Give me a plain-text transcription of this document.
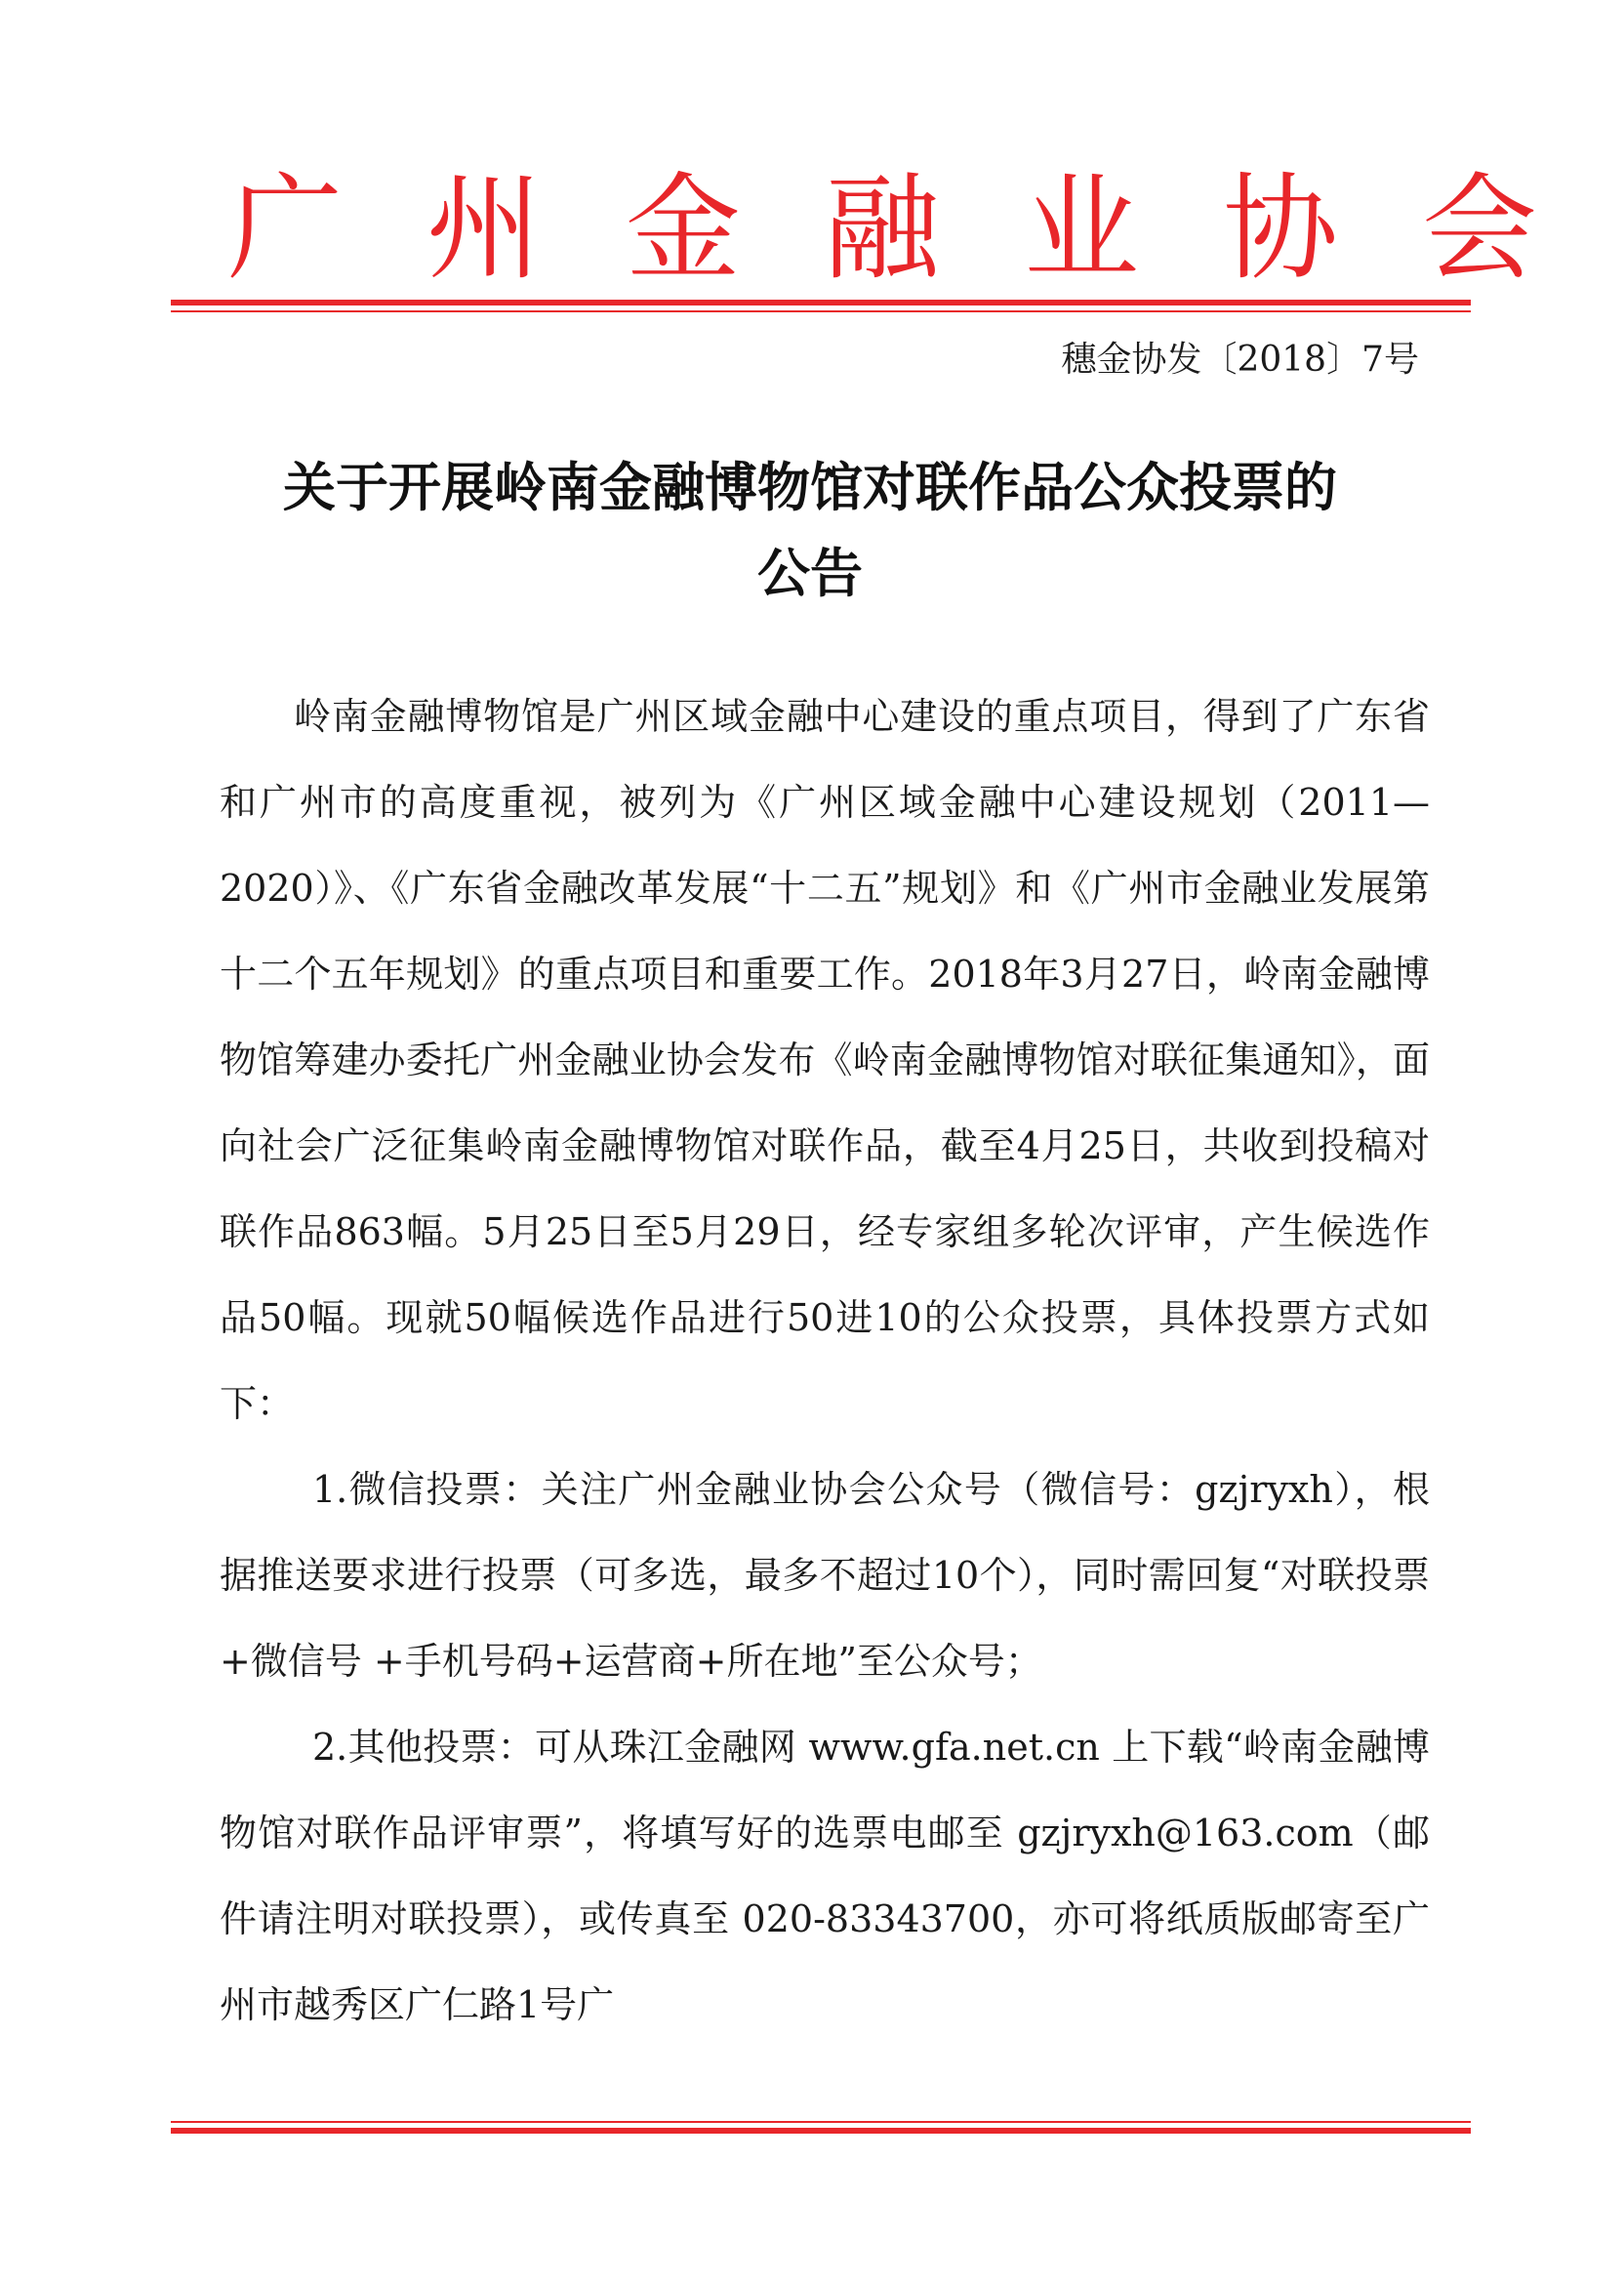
广州金融业协会
穗金协发〔2018〕7号
关于开展岭南金融博物馆对联作品公众投票的
公告

岭南金融博物馆是广州区域金融中心建设的重点项目，得到了广东省和广州市的高度重视，被列为《广州区域金融中心建设规划（2011—2020）》、《广东省金融改革发展“十二五”规划》和《广州市金融业发展第十二个五年规划》的重点项目和重要工作。2018年3月27日，岭南金融博物馆筹建办委托广州金融业协会发布《岭南金融博物馆对联征集通知》，面向社会广泛征集岭南金融博物馆对联作品，截至4月25日，共收到投稿对联作品863幅。5月25日至5月29日，经专家组多轮次评审，产生候选作品50幅。现就50幅候选作品进行50进10的公众投票，具体投票方式如下：

1.微信投票：关注广州金融业协会公众号（微信号：gzjryxh），根据推送要求进行投票（可多选，最多不超过10个），同时需回复“对联投票+微信号 +手机号码+运营商+所在地”至公众号；

2.其他投票：可从珠江金融网 www.gfa.net.cn 上下载“岭南金融博物馆对联作品评审票”，将填写好的选票电邮至 gzjryxh@163.com（邮件请注明对联投票），或传真至 020-83343700，亦可将纸质版邮寄至广州市越秀区广仁路1号广
